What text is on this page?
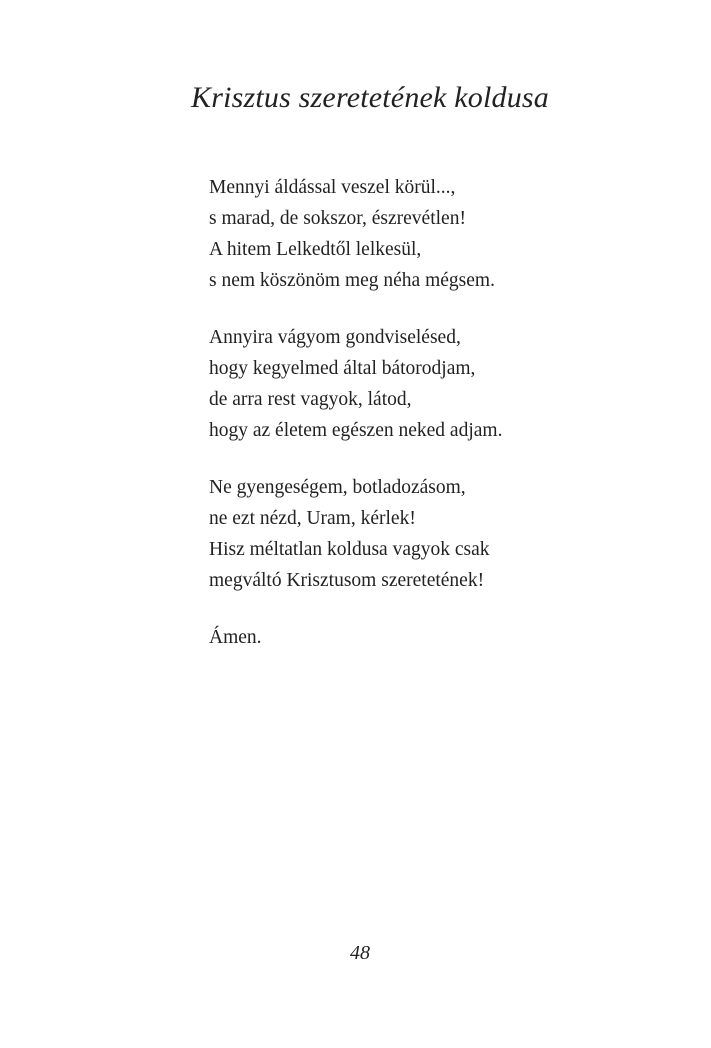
Krisztus szeretetének koldusa
Mennyi áldással veszel körül...,
s marad, de sokszor, észrevétlen!
A hitem Lelkedtől lelkesül,
s nem köszönöm meg néha mégsem.
Annyira vágyom gondviselésed,
hogy kegyelmed által bátorodjam,
de arra rest vagyok, látod,
hogy az életem egészen neked adjam.
Ne gyengeségem, botladozásom,
ne ezt nézd, Uram, kérlek!
Hisz méltatlan koldusa vagyok csak
megváltó Krisztusom szeretetének!
Ámen.
48
